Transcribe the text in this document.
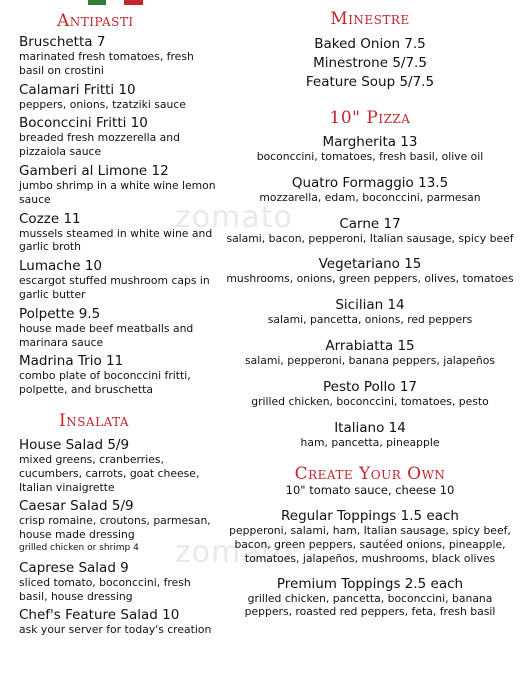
zomato
zomato
Antipasti
Bruschetta 7
marinated fresh tomatoes, fresh basil on crostini
Calamari Fritti 10
peppers, onions, tzatziki sauce
Boconccini Fritti 10
breaded fresh mozzerella and pizzaiola sauce
Gamberi al Limone 12
jumbo shrimp in a white wine lemon sauce
Cozze 11
mussels steamed in white wine and garlic broth
Lumache 10
escargot stuffed mushroom caps in garlic butter
Polpette 9.5
house made beef meatballs and marinara sauce
Madrina Trio 11
combo plate of boconccini fritti, polpette, and bruschetta
Insalata
House Salad 5/9
mixed greens, cranberries, cucumbers, carrots, goat cheese, Italian vinaigrette
Caesar Salad 5/9
crisp romaine, croutons, parmesan, house made dressing
grilled chicken or shrimp 4
Caprese Salad 9
sliced tomato, boconccini, fresh basil, house dressing
Chef's Feature Salad 10
ask your server for today's creation
Minestre
Baked Onion 7.5
Minestrone 5/7.5
Feature Soup 5/7.5
10" Pizza
Margherita 13
boconccini, tomatoes, fresh basil, olive oil
Quatro Formaggio 13.5
mozzarella, edam, boconccini, parmesan
Carne 17
salami, bacon, pepperoni, Italian sausage, spicy beef
Vegetariano 15
mushrooms, onions, green peppers, olives, tomatoes
Sicilian 14
salami, pancetta, onions, red peppers
Arrabiatta 15
salami, pepperoni, banana peppers, jalapeños
Pesto Pollo 17
grilled chicken, boconccini, tomatoes, pesto
Italiano 14
ham, pancetta, pineapple
Create Your Own
10" tomato sauce, cheese 10
Regular Toppings 1.5 each
pepperoni, salami, ham, Italian sausage, spicy beef, bacon, green peppers, sautéed onions, pineapple, tomatoes, jalapeños, mushrooms, black olives
Premium Toppings 2.5 each
grilled chicken, pancetta, boconccini, banana peppers, roasted red peppers, feta, fresh basil
